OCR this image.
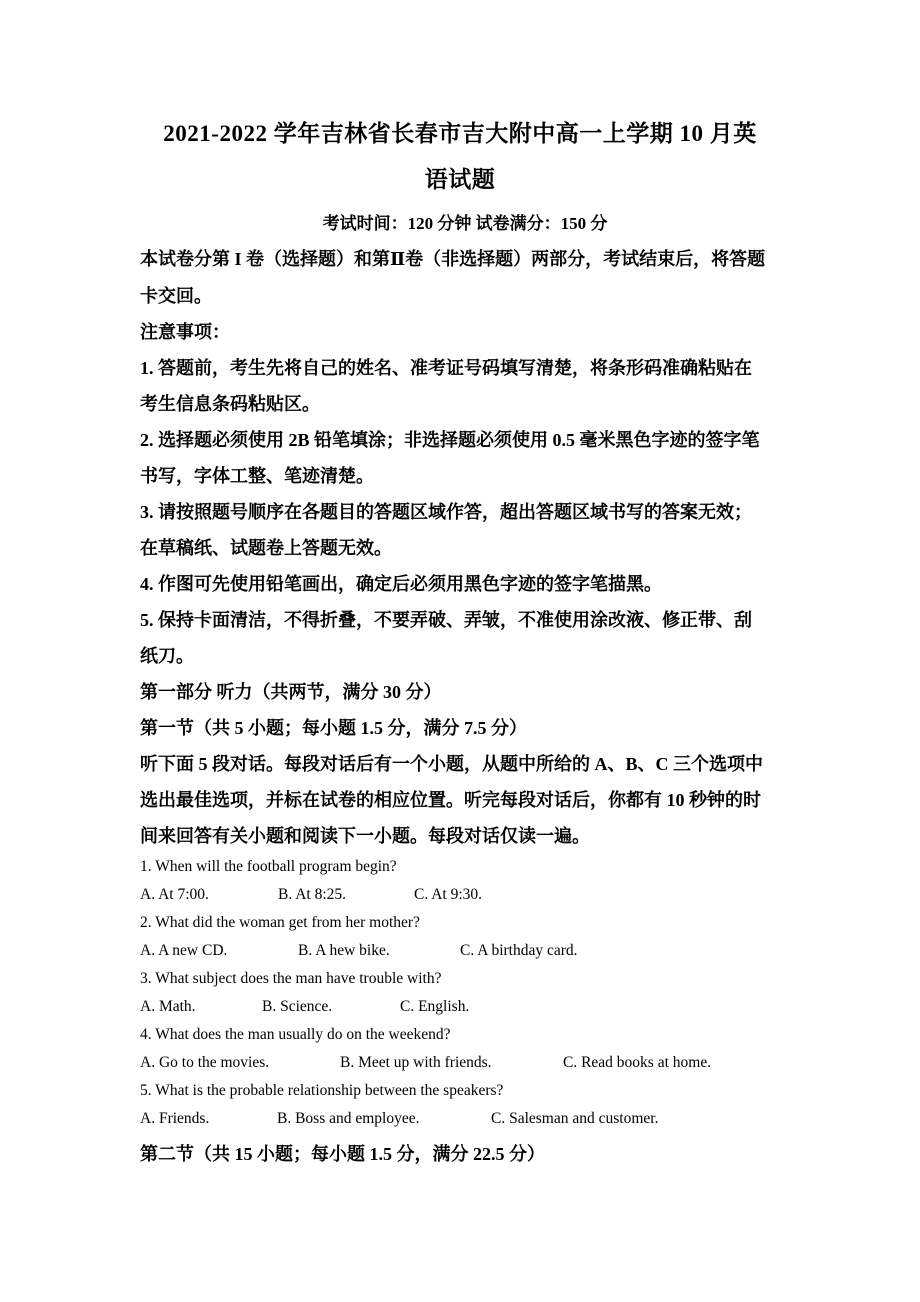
2021-2022 学年吉林省长春市吉大附中高一上学期 10 月英
语试题
考试时间：120 分钟 试卷满分：150 分
本试卷分第 I 卷（选择题）和第Ⅱ卷（非选择题）两部分，考试结束后，将答题
卡交回。
注意事项：
1. 答题前，考生先将自己的姓名、准考证号码填写清楚，将条形码准确粘贴在
考生信息条码粘贴区。
2. 选择题必须使用 2B 铅笔填涂；非选择题必须使用 0.5 毫米黑色字迹的签字笔
书写，字体工整、笔迹清楚。
3. 请按照题号顺序在各题目的答题区域作答，超出答题区域书写的答案无效；
在草稿纸、试题卷上答题无效。
4. 作图可先使用铅笔画出，确定后必须用黑色字迹的签字笔描黑。
5. 保持卡面清洁，不得折叠，不要弄破、弄皱，不准使用涂改液、修正带、刮
纸刀。
第一部分 听力（共两节，满分 30 分）
第一节（共 5 小题；每小题 1.5 分，满分 7.5 分）
听下面 5 段对话。每段对话后有一个小题，从题中所给的 A、B、C 三个选项中
选出最佳选项，并标在试卷的相应位置。听完每段对话后，你都有 10 秒钟的时
间来回答有关小题和阅读下一小题。每段对话仅读一遍。
1. When will the football program begin?
A. At 7:00.	B. At 8:25.	C. At 9:30.
2. What did the woman get from her mother?
A. A new CD.	B. A hew bike.	C. A birthday card.
3. What subject does the man have trouble with?
A. Math.	B. Science.	C. English.
4. What does the man usually do on the weekend?
A. Go to the movies.	B. Meet up with friends.	C. Read books at home.
5. What is the probable relationship between the speakers?
A. Friends.	B. Boss and employee.	C. Salesman and customer.
第二节（共 15 小题；每小题 1.5 分，满分 22.5 分）
